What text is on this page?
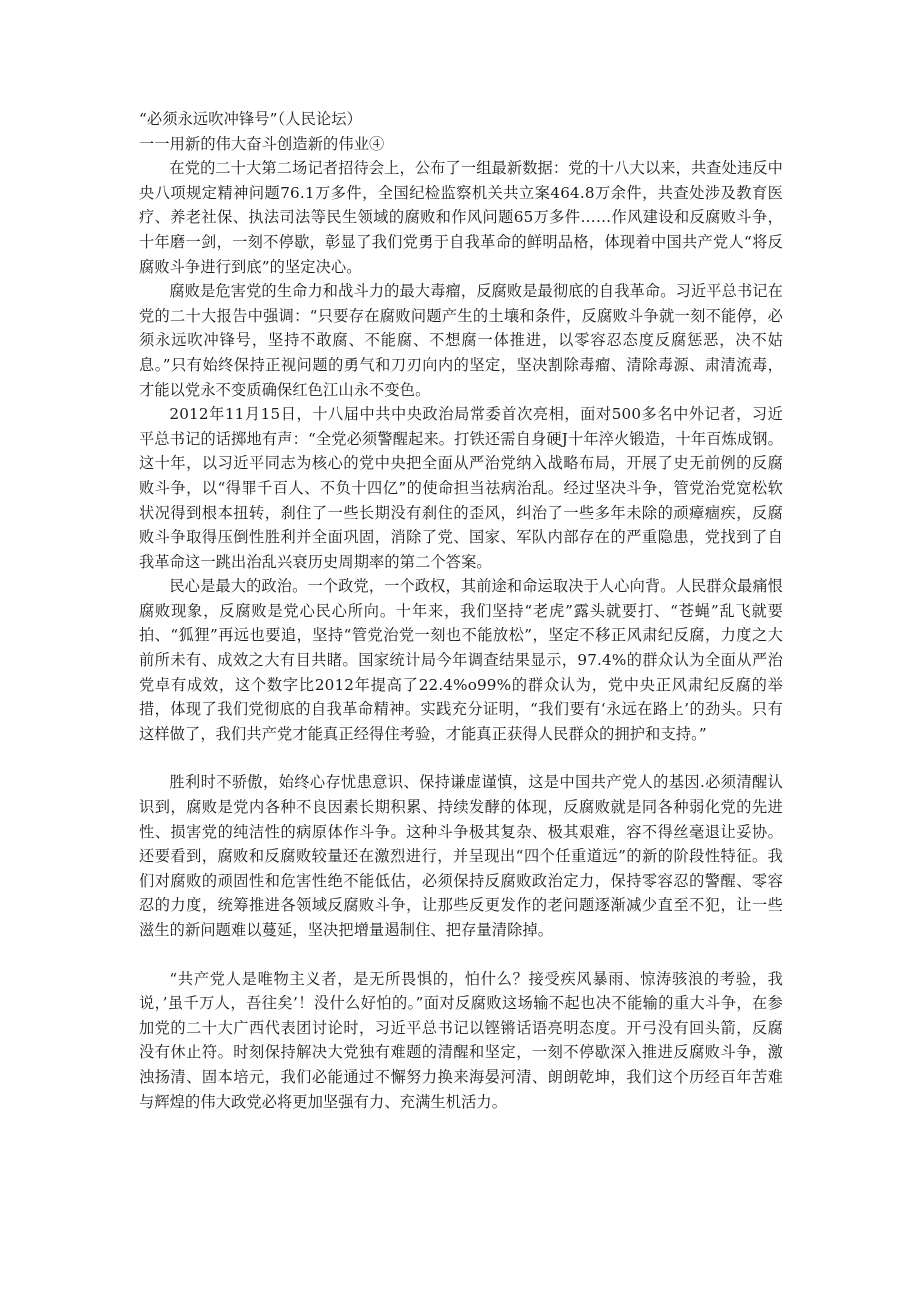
“必须永远吹冲锋号”（人民论坛）
一一用新的伟大奋斗创造新的伟业④

在党的二十大第二场记者招待会上，公布了一组最新数据：党的十八大以来，共查处违反中央八项规定精神问题76.1万多件，全国纪检监察机关共立案464.8万余件，共查处涉及教育医疗、养老社保、执法司法等民生领域的腐败和作风问题65万多件……作风建设和反腐败斗争，十年磨一剑，一刻不停歇，彰显了我们党勇于自我革命的鲜明品格，体现着中国共产党人“将反腐败斗争进行到底”的坚定决心。

腐败是危害党的生命力和战斗力的最大毒瘤，反腐败是最彻底的自我革命。习近平总书记在党的二十大报告中强调：“只要存在腐败问题产生的土壤和条件，反腐败斗争就一刻不能停，必须永远吹冲锋号，坚持不敢腐、不能腐、不想腐一体推进，以零容忍态度反腐惩恶，决不姑息。”只有始终保持正视问题的勇气和刀刃向内的坚定，坚决割除毒瘤、清除毒源、肃清流毒，才能以党永不变质确保红色江山永不变色。

2012年11月15日，十八届中共中央政治局常委首次亮相，面对500多名中外记者，习近平总书记的话掷地有声：“全党必须警醒起来。打铁还需自身硬J十年淬火锻造，十年百炼成钢。这十年，以习近平同志为核心的党中央把全面从严治党纳入战略布局，开展了史无前例的反腐败斗争，以“得罪千百人、不负十四亿”的使命担当祛病治乱。经过坚决斗争，管党治党宽松软状况得到根本扭转，刹住了一些长期没有刹住的歪风，纠治了一些多年未除的顽瘴痼疾，反腐败斗争取得压倒性胜利并全面巩固，消除了党、国家、军队内部存在的严重隐患，党找到了自我革命这一跳出治乱兴衰历史周期率的第二个答案。

民心是最大的政治。一个政党，一个政权，其前途和命运取决于人心向背。人民群众最痛恨腐败现象，反腐败是党心民心所向。十年来，我们坚持“老虎”露头就要打、“苍蝇”乱飞就要拍、“狐狸”再远也要追，坚持“管党治党一刻也不能放松”，坚定不移正风肃纪反腐，力度之大前所未有、成效之大有目共睹。国家统计局今年调查结果显示，97.4%的群众认为全面从严治党卓有成效，这个数字比2012年提高了22.4%o99%的群众认为，党中央正风肃纪反腐的举措，体现了我们党彻底的自我革命精神。实践充分证明，“我们要有‘永远在路上’的劲头。只有这样做了，我们共产党才能真正经得住考验，才能真正获得人民群众的拥护和支持。”

胜利时不骄傲，始终心存忧患意识、保持谦虚谨慎，这是中国共产党人的基因.必须清醒认识到，腐败是党内各种不良因素长期积累、持续发酵的体现，反腐败就是同各种弱化党的先进性、损害党的纯洁性的病原体作斗争。这种斗争极其复杂、极其艰难，容不得丝毫退让妥协。还要看到，腐败和反腐败较量还在激烈进行，并呈现出“四个任重道远”的新的阶段性特征。我们对腐败的顽固性和危害性绝不能低估，必须保持反腐败政治定力，保持零容忍的警醒、零容忍的力度，统筹推进各领域反腐败斗争，让那些反更发作的老问题逐渐减少直至不犯，让一些滋生的新问题难以蔓延，坚决把增量遏制住、把存量清除掉。

“共产党人是唯物主义者，是无所畏惧的，怕什么？接受疾风暴雨、惊涛骇浪的考验，我说，’虽千万人，吾往矣’！没什么好怕的。”面对反腐败这场输不起也决不能输的重大斗争，在参加党的二十大广西代表团讨论时，习近平总书记以铿锵话语亮明态度。开弓没有回头箭，反腐没有休止符。时刻保持解决大党独有难题的清醒和坚定，一刻不停歇深入推进反腐败斗争，激浊扬清、固本培元，我们必能通过不懈努力换来海晏河清、朗朗乾坤，我们这个历经百年苦难与辉煌的伟大政党必将更加坚强有力、充满生机活力。
